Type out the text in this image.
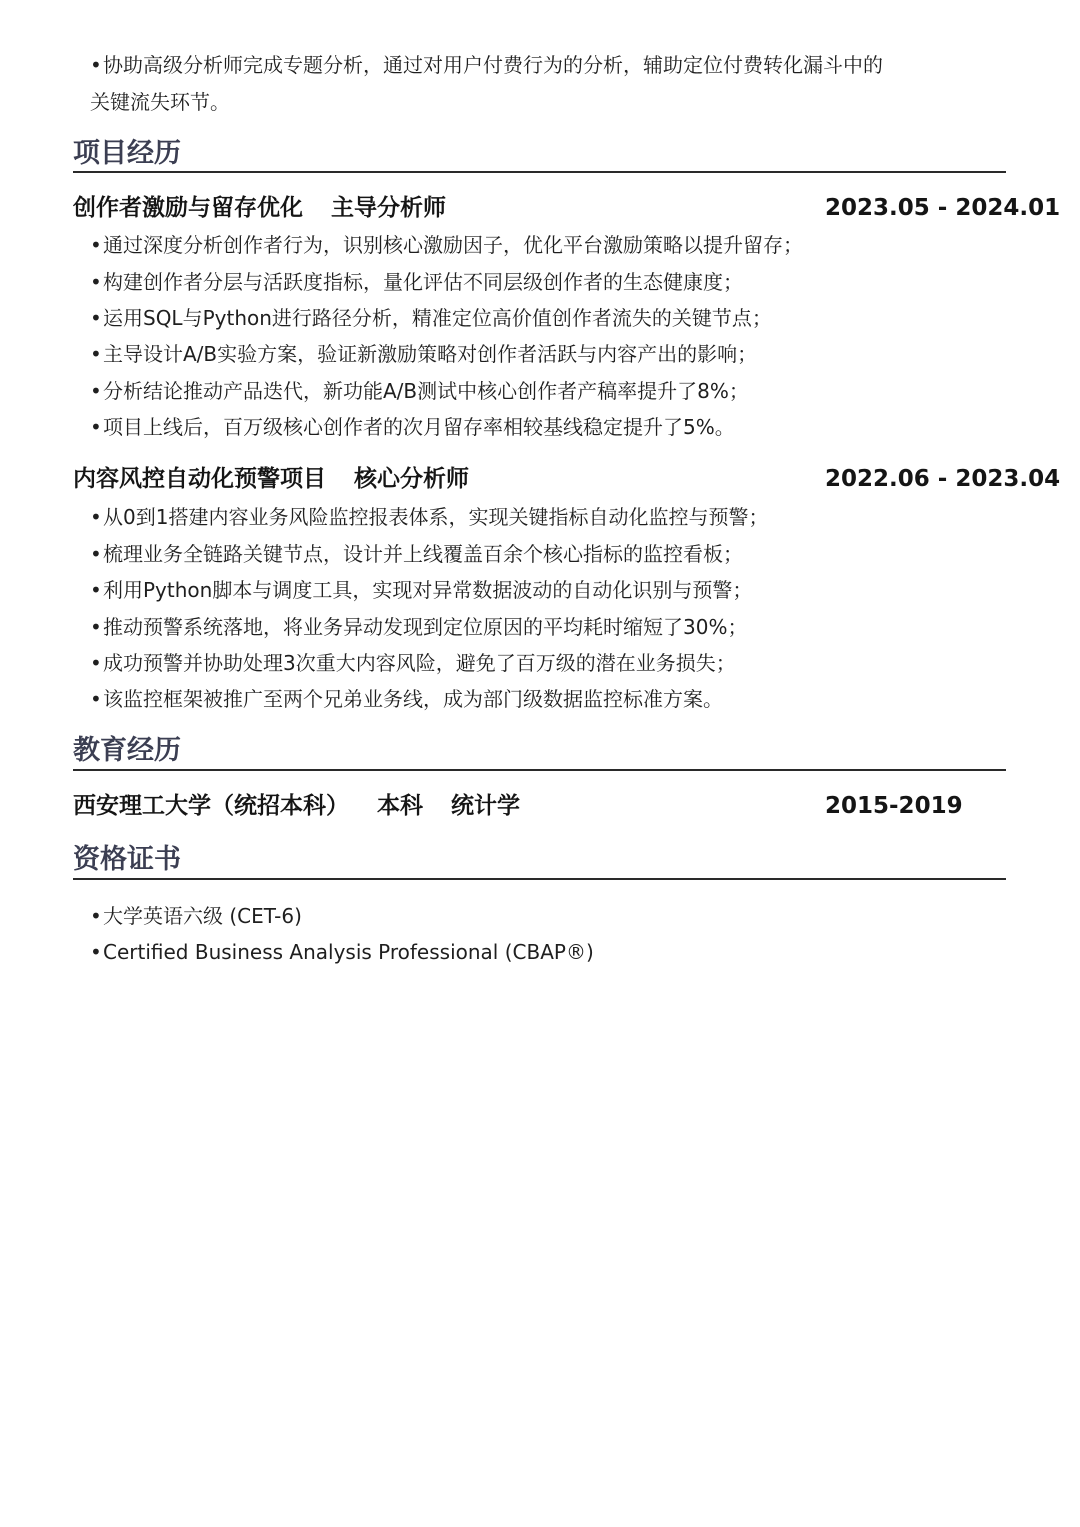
•协助高级分析师完成专题分析，通过对用户付费行为的分析，辅助定位付费转化漏斗中的
关键流失环节。
项目经历
创作者激励与留存优化 主导分析师	2023.05 - 2024.01
•通过深度分析创作者行为，识别核心激励因子，优化平台激励策略以提升留存；
•构建创作者分层与活跃度指标，量化评估不同层级创作者的生态健康度；
•运用SQL与Python进行路径分析，精准定位高价值创作者流失的关键节点；
•主导设计A/B实验方案，验证新激励策略对创作者活跃与内容产出的影响；
•分析结论推动产品迭代，新功能A/B测试中核心创作者产稿率提升了8%；
•项目上线后，百万级核心创作者的次月留存率相较基线稳定提升了5%。
内容风控自动化预警项目 核心分析师	2022.06 - 2023.04
•从0到1搭建内容业务风险监控报表体系，实现关键指标自动化监控与预警；
•梳理业务全链路关键节点，设计并上线覆盖百余个核心指标的监控看板；
•利用Python脚本与调度工具，实现对异常数据波动的自动化识别与预警；
•推动预警系统落地，将业务异动发现到定位原因的平均耗时缩短了30%；
•成功预警并协助处理3次重大内容风险，避免了百万级的潜在业务损失；
•该监控框架被推广至两个兄弟业务线，成为部门级数据监控标准方案。
教育经历
西安理工大学（统招本科） 本科 统计学	2015-2019
资格证书
•大学英语六级 (CET-6)
•Certified Business Analysis Professional (CBAP®)
